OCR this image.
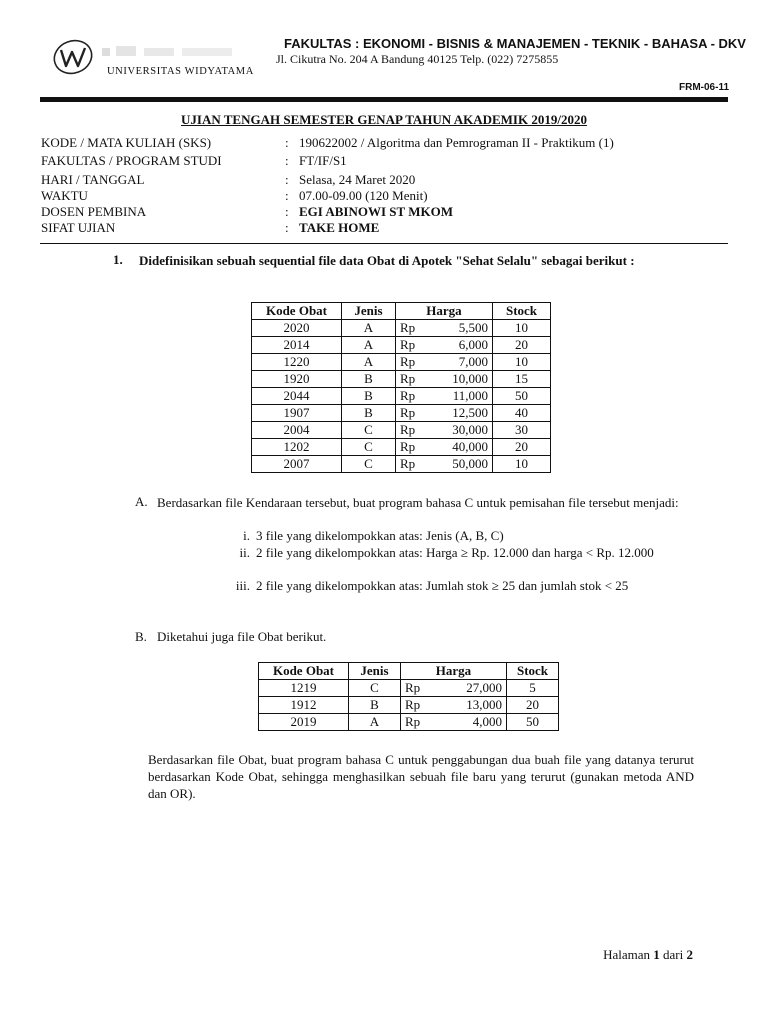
UNIVERSITAS WIDYATAMA
FAKULTAS : EKONOMI - BISNIS & MANAJEMEN - TEKNIK - BAHASA - DKV
Jl. Cikutra No. 204 A Bandung 40125 Telp. (022) 7275855
FRM-06-11
UJIAN TENGAH SEMESTER GENAP TAHUN AKADEMIK 2019/2020
KODE / MATA KULIAH (SKS)	: 190622002 / Algoritma dan Pemrograman II - Praktikum (1)
FAKULTAS / PROGRAM STUDI	: FT/IF/S1
HARI / TANGGAL	: Selasa, 24 Maret 2020
WAKTU	: 07.00-09.00 (120 Menit)
DOSEN PEMBINA	: EGI ABINOWI ST MKOM
SIFAT UJIAN	: TAKE HOME
1. Didefinisikan sebuah sequential file data Obat di Apotek "Sehat Selalu" sebagai berikut :
Kode Obat	Jenis	Harga	Stock
2020	A	Rp 5,500	10
2014	A	Rp 6,000	20
1220	A	Rp 7,000	10
1920	B	Rp 10,000	15
2044	B	Rp 11,000	50
1907	B	Rp 12,500	40
2004	C	Rp 30,000	30
1202	C	Rp 40,000	20
2007	C	Rp 50,000	10
A. Berdasarkan file Kendaraan tersebut, buat program bahasa C untuk pemisahan file tersebut menjadi:
i. 3 file yang dikelompokkan atas: Jenis (A, B, C)
ii. 2 file yang dikelompokkan atas: Harga ≥ Rp. 12.000 dan harga < Rp. 12.000
iii. 2 file yang dikelompokkan atas: Jumlah stok ≥ 25 dan jumlah stok < 25
B. Diketahui juga file Obat berikut.
Kode Obat	Jenis	Harga	Stock
1219	C	Rp 27,000	5
1912	B	Rp 13,000	20
2019	A	Rp 4,000	50
Berdasarkan file Obat, buat program bahasa C untuk penggabungan dua buah file yang datanya terurut berdasarkan Kode Obat, sehingga menghasilkan sebuah file baru yang terurut (gunakan metoda AND dan OR).
Halaman 1 dari 2
